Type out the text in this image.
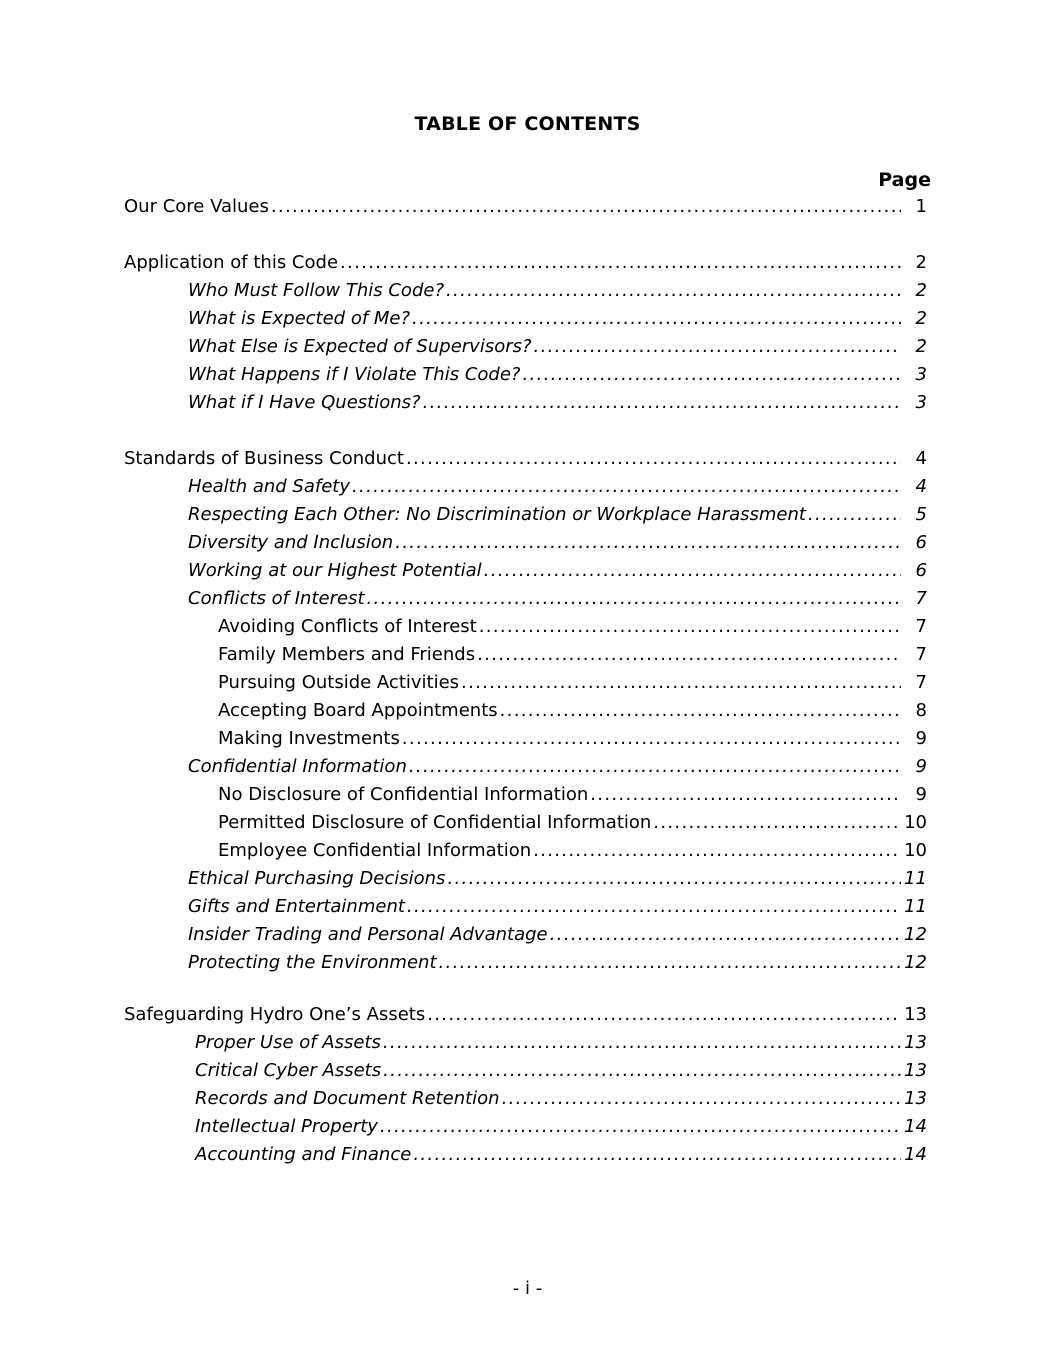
TABLE OF CONTENTS
Page
Our Core Values . . .	1
Application of this Code . . .	2
Who Must Follow This Code? . . .	2
What is Expected of Me? . . .	2
What Else is Expected of Supervisors? . . .	2
What Happens if I Violate This Code? . . .	3
What if I Have Questions? . . .	3
Standards of Business Conduct . . .	4
Health and Safety . . .	4
Respecting Each Other: No Discrimination or Workplace Harassment . . .	5
Diversity and Inclusion . . .	6
Working at our Highest Potential . . .	6
Conflicts of Interest . . .	7
Avoiding Conflicts of Interest . . .	7
Family Members and Friends . . .	7
Pursuing Outside Activities . . .	7
Accepting Board Appointments . . .	8
Making Investments . . .	9
Confidential Information . . .	9
No Disclosure of Confidential Information . . .	9
Permitted Disclosure of Confidential Information . . .	10
Employee Confidential Information . . .	10
Ethical Purchasing Decisions . . .	11
Gifts and Entertainment . . .	11
Insider Trading and Personal Advantage . . .	12
Protecting the Environment . . .	12
Safeguarding Hydro One’s Assets . . .	13
Proper Use of Assets . . .	13
Critical Cyber Assets . . .	13
Records and Document Retention . . .	13
Intellectual Property . . .	14
Accounting and Finance . . .	14
- i -
